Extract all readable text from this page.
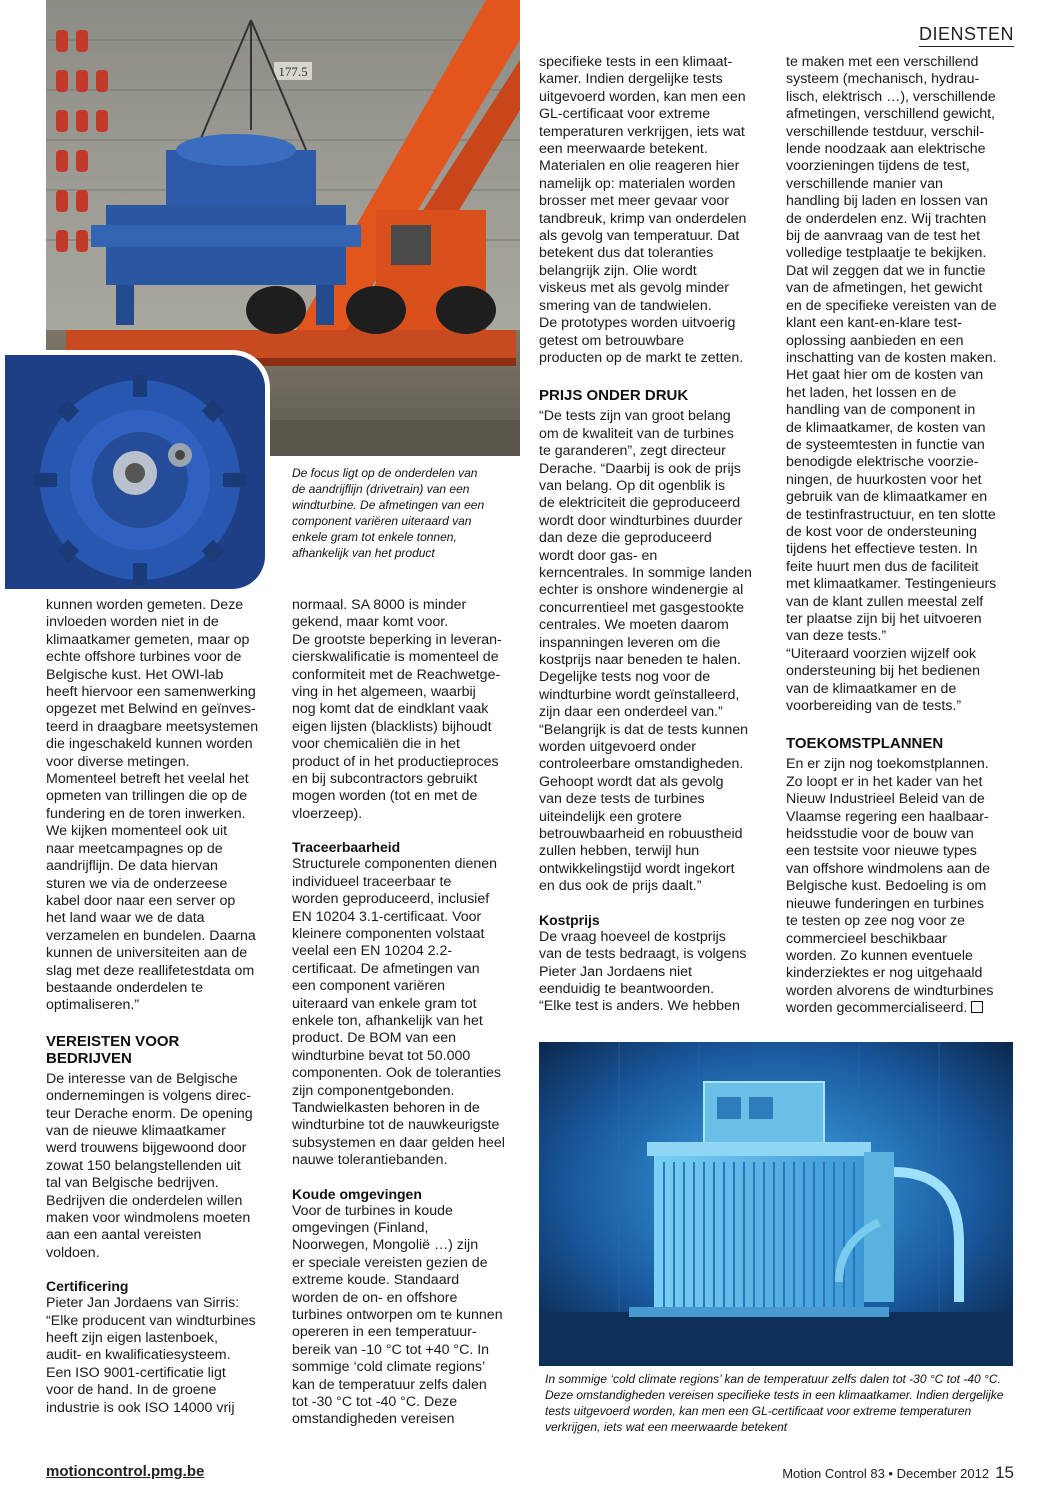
DIENSTEN
177.5
De focus ligt op de onderdelen van
de aandrijflijn (drivetrain) van een
windturbine. De afmetingen van een
component variëren uiteraard van
enkele gram tot enkele tonnen,
afhankelijk van het product

kunnen worden gemeten. Deze
invloeden worden niet in de
klimaatkamer gemeten, maar op
echte offshore turbines voor de
Belgische kust. Het OWI-lab
heeft hiervoor een samenwerking
opgezet met Belwind en geïnves-
teerd in draagbare meetsystemen
die ingeschakeld kunnen worden
voor diverse metingen.
Momenteel betreft het veelal het
opmeten van trillingen die op de
fundering en de toren inwerken.
We kijken momenteel ook uit
naar meetcampagnes op de
aandrijflijn. De data hiervan
sturen we via de onderzeese
kabel door naar een server op
het land waar we de data
verzamelen en bundelen. Daarna
kunnen de universiteiten aan de
slag met deze reallifetestdata om
bestaande onderdelen te
optimaliseren.”

VEREISTEN VOOR
BEDRIJVEN

De interesse van de Belgische
ondernemingen is volgens direc-
teur Derache enorm. De opening
van de nieuwe klimaatkamer
werd trouwens bijgewoond door
zowat 150 belangstellenden uit
tal van Belgische bedrijven.
Bedrijven die onderdelen willen
maken voor windmolens moeten
aan een aantal vereisten
voldoen.

Certificering

Pieter Jan Jordaens van Sirris:
“Elke producent van windturbines
heeft zijn eigen lastenboek,
audit- en kwalificatiesysteem.
Een ISO 9001-certificatie ligt
voor de hand. In de groene
industrie is ook ISO 14000 vrij

normaal. SA 8000 is minder
gekend, maar komt voor.
De grootste beperking in leveran-
cierskwalificatie is momenteel de
conformiteit met de Reachwetge-
ving in het algemeen, waarbij
nog komt dat de eindklant vaak
eigen lijsten (blacklists) bijhoudt
voor chemicaliën die in het
product of in het productieproces
en bij subcontractors gebruikt
mogen worden (tot en met de
vloerzeep).

Traceerbaarheid

Structurele componenten dienen
individueel traceerbaar te
worden geproduceerd, inclusief
EN 10204 3.1-certificaat. Voor
kleinere componenten volstaat
veelal een EN 10204 2.2-
certificaat. De afmetingen van
een component variëren
uiteraard van enkele gram tot
enkele ton, afhankelijk van het
product. De BOM van een
windturbine bevat tot 50.000
componenten. Ook de toleranties
zijn componentgebonden.
Tandwielkasten behoren in de
windturbine tot de nauwkeurigste
subsystemen en daar gelden heel
nauwe tolerantiebanden.

Koude omgevingen

Voor de turbines in koude
omgevingen (Finland,
Noorwegen, Mongolië …) zijn
er speciale vereisten gezien de
extreme koude. Standaard
worden de on- en offshore
turbines ontworpen om te kunnen
opereren in een temperatuur-
bereik van -10 °C tot +40 °C. In
sommige ‘cold climate regions’
kan de temperatuur zelfs dalen
tot -30 °C tot -40 °C. Deze
omstandigheden vereisen

specifieke tests in een klimaat-
kamer. Indien dergelijke tests
uitgevoerd worden, kan men een
GL-certificaat voor extreme
temperaturen verkrijgen, iets wat
een meerwaarde betekent.
Materialen en olie reageren hier
namelijk op: materialen worden
brosser met meer gevaar voor
tandbreuk, krimp van onderdelen
als gevolg van temperatuur. Dat
betekent dus dat toleranties
belangrijk zijn. Olie wordt
viskeus met als gevolg minder
smering van de tandwielen.
De prototypes worden uitvoerig
getest om betrouwbare
producten op de markt te zetten.

PRIJS ONDER DRUK

“De tests zijn van groot belang
om de kwaliteit van de turbines
te garanderen”, zegt directeur
Derache. “Daarbij is ook de prijs
van belang. Op dit ogenblik is
de elektriciteit die geproduceerd
wordt door windturbines duurder
dan deze die geproduceerd
wordt door gas- en
kerncentrales. In sommige landen
echter is onshore windenergie al
concurrentieel met gasgestookte
centrales. We moeten daarom
inspanningen leveren om die
kostprijs naar beneden te halen.
Degelijke tests nog voor de
windturbine wordt geïnstalleerd,
zijn daar een onderdeel van.”
“Belangrijk is dat de tests kunnen
worden uitgevoerd onder
controleerbare omstandigheden.
Gehoopt wordt dat als gevolg
van deze tests de turbines
uiteindelijk een grotere
betrouwbaarheid en robuustheid
zullen hebben, terwijl hun
ontwikkelingstijd wordt ingekort
en dus ook de prijs daalt.”

Kostprijs

De vraag hoeveel de kostprijs
van de tests bedraagt, is volgens
Pieter Jan Jordaens niet
eenduidig te beantwoorden.
“Elke test is anders. We hebben

te maken met een verschillend
systeem (mechanisch, hydrau-
lisch, elektrisch …), verschillende
afmetingen, verschillend gewicht,
verschillende testduur, verschil-
lende noodzaak aan elektrische
voorzieningen tijdens de test,
verschillende manier van
handling bij laden en lossen van
de onderdelen enz. Wij trachten
bij de aanvraag van de test het
volledige testplaatje te bekijken.
Dat wil zeggen dat we in functie
van de afmetingen, het gewicht
en de specifieke vereisten van de
klant een kant-en-klare test-
oplossing aanbieden en een
inschatting van de kosten maken.
Het gaat hier om de kosten van
het laden, het lossen en de
handling van de component in
de klimaatkamer, de kosten van
de systeemtesten in functie van
benodigde elektrische voorzie-
ningen, de huurkosten voor het
gebruik van de klimaatkamer en
de testinfrastructuur, en ten slotte
de kost voor de ondersteuning
tijdens het effectieve testen. In
feite huurt men dus de faciliteit
met klimaatkamer. Testingenieurs
van de klant zullen meestal zelf
ter plaatse zijn bij het uitvoeren
van deze tests.”
“Uiteraard voorzien wijzelf ook
ondersteuning bij het bedienen
van de klimaatkamer en de
voorbereiding van de tests.”

TOEKOMSTPLANNEN

En er zijn nog toekomstplannen.
Zo loopt er in het kader van het
Nieuw Industrieel Beleid van de
Vlaamse regering een haalbaar-
heidsstudie voor de bouw van
een testsite voor nieuwe types
van offshore windmolens aan de
Belgische kust. Bedoeling is om
nieuwe funderingen en turbines
te testen op zee nog voor ze
commercieel beschikbaar
worden. Zo kunnen eventuele
kinderziektes er nog uitgehaald
worden alvorens de windturbines
worden gecommercialiseerd.

In sommige ‘cold climate regions’ kan de temperatuur zelfs dalen tot -30 °C tot -40 °C.
Deze omstandigheden vereisen specifieke tests in een klimaatkamer. Indien dergelijke
tests uitgevoerd worden, kan men een GL-certificaat voor extreme temperaturen
verkrijgen, iets wat een meerwaarde betekent
motioncontrol.pmg.be	Motion Control 83 • December 2012 15
